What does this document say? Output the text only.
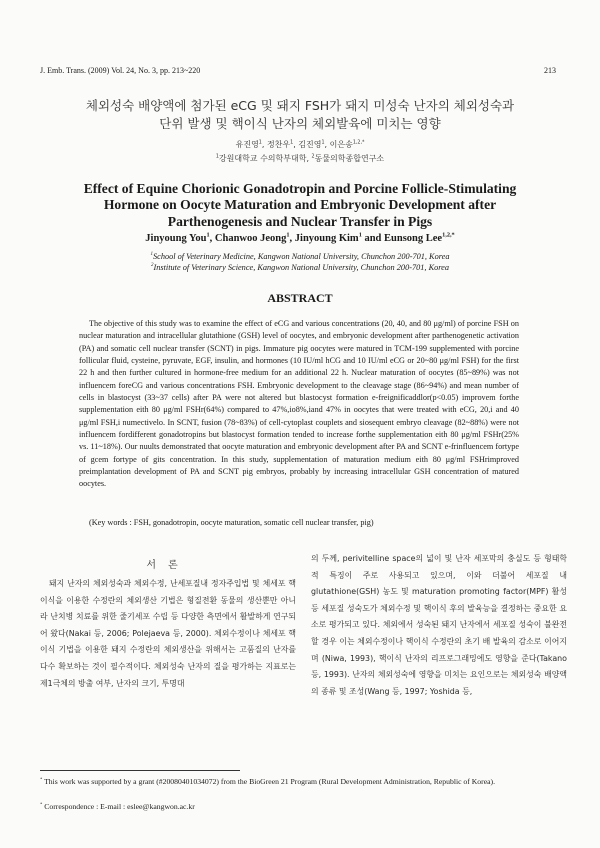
J. Emb. Trans. (2009) Vol. 24, No. 3, pp. 213~220	213
체외성숙 배양액에 첨가된 eCG 및 돼지 FSH가 돼지 미성숙 난자의 체외성숙과
단위 발생 및 핵이식 난자의 체외발육에 미치는 영향
유진영$^1$, 정찬우$^1$, 김진영$^1$, 이은송$^{1,2,*}$
$^1$강원대학교 수의학부대학, $^2$동물의학종합연구소
Effect of Equine Chorionic Gonadotropin and Porcine Follicle-Stimulating
Hormone on Oocyte Maturation and Embryonic Development after
Parthenogenesis and Nuclear Transfer in Pigs
Jinyoung You$^1$, Chanwoo Jeong$^1$, Jinyoung Kim$^1$ and Eunsong Lee$^{1,2,*}$
$^1$School of Veterinary Medicine, Kangwon National University, Chunchon 200-701, Korea
$^2$Institute of Veterinary Science, Kangwon National University, Chunchon 200-701, Korea
ABSTRACT
The objective of this study was to examine the effect of eCG and various concentrations (20, 40, and 80 μg/ml) of porcine FSH on nuclear maturation and intracellular glutathione (GSH) level of oocytes, and embryonic development after parthenogenetic activation (PA) and somatic cell nuclear transfer (SCNT) in pigs. Immature pig oocytes were matured in TCM-199 supplemented with porcine follicular fluid, cysteine, pyruvate, EGF, insulin, and hormones (10 IU/ml hCG and 10 IU/ml eCG or 20~80 μg/ml FSH) for the first 22 h and then further cultured in hormone-free medium for an additional 22 h. Nuclear maturation of oocytes (85~89%) was not influencem foreCG and various concentrations FSH. Embryonic development to the cleavage stage (86~94%) and mean number of cells in blastocyst (33~37 cells) after PA were not altered but blastocyst formation e-freignificaddlor(p<0.05) improvem forthe supplementation eith 80 μg/ml FSHr(64%) compared to 47%,io8%,iand 47% in oocytes that were treated with eCG, 20,i and 40 μg/ml FSH,i numectivelo. In SCNT, fusion (78~83%) of cell-cytoplast couplets and siosequent embryo cleavage (82~88%) were not influencem fordifferent gonadotropins but blastocyst formation tended to increase forthe supplementation eith 80 μg/ml FSHr(25% vs. 11~18%). Our nuults demonstrated that oocyte maturation and embryonic development after PA and SCNT e-frinfluencem fortype of gcem fortype of gits concentration. In this study, supplementation of maturation medium eith 80 μg/ml FSHrimproved preimplantation development of PA and SCNT pig embryos, probably by increasing intracellular GSH concentration of matured oocytes.
(Key words : FSH, gonadotropin, oocyte maturation, somatic cell nuclear transfer, pig)
서론

돼지 난자의 체외성숙과 체외수정, 난세포질내 정자주입법 및 체세포 핵이식을 이용한 수정란의 체외생산 기법은 형질전환 동물의 생산뿐만 아니라 난치병 치료를 위한 줄기세포 수립 등 다양한 측면에서 활발하게 연구되어 왔다(Nakai 등, 2006; Polejaeva 등, 2000). 체외수정이나 체세포 핵이식 기법을 이용한 돼지 수정란의 체외생산을 위해서는 고품질의 난자를 다수 확보하는 것이 필수적이다. 체외성숙 난자의 질을 평가하는 지표로는 제1극체의 방출 여부, 난자의 크기, 투명대

의 두께, perivitelline space의 넓이 및 난자 세포막의 충실도 등 형태학적 특징이 주로 사용되고 있으며, 이와 더불어 세포질 내 glutathione(GSH) 농도 및 maturation promoting factor(MPF) 활성 등 세포질 성숙도가 체외수정 및 핵이식 후의 발육능을 결정하는 중요한 요소로 평가되고 있다. 체외에서 성숙된 돼지 난자에서 세포질 성숙이 불완전할 경우 이는 체외수정이나 핵이식 수정란의 초기 배 발육의 감소로 이어지며 (Niwa, 1993), 핵이식 난자의 리프로그래밍에도 영향을 준다(Takano 등, 1993). 난자의 체외성숙에 영향을 미치는 요인으로는 체외성숙 배양액의 종류 및 조성(Wang 등, 1997; Yoshida 등,

* This work was supported by a grant (#20080401034072) from the BioGreen 21 Program (Rural Development Administration, Republic of Korea).
* Correspondence : E-mail : eslee@kangwon.ac.kr
